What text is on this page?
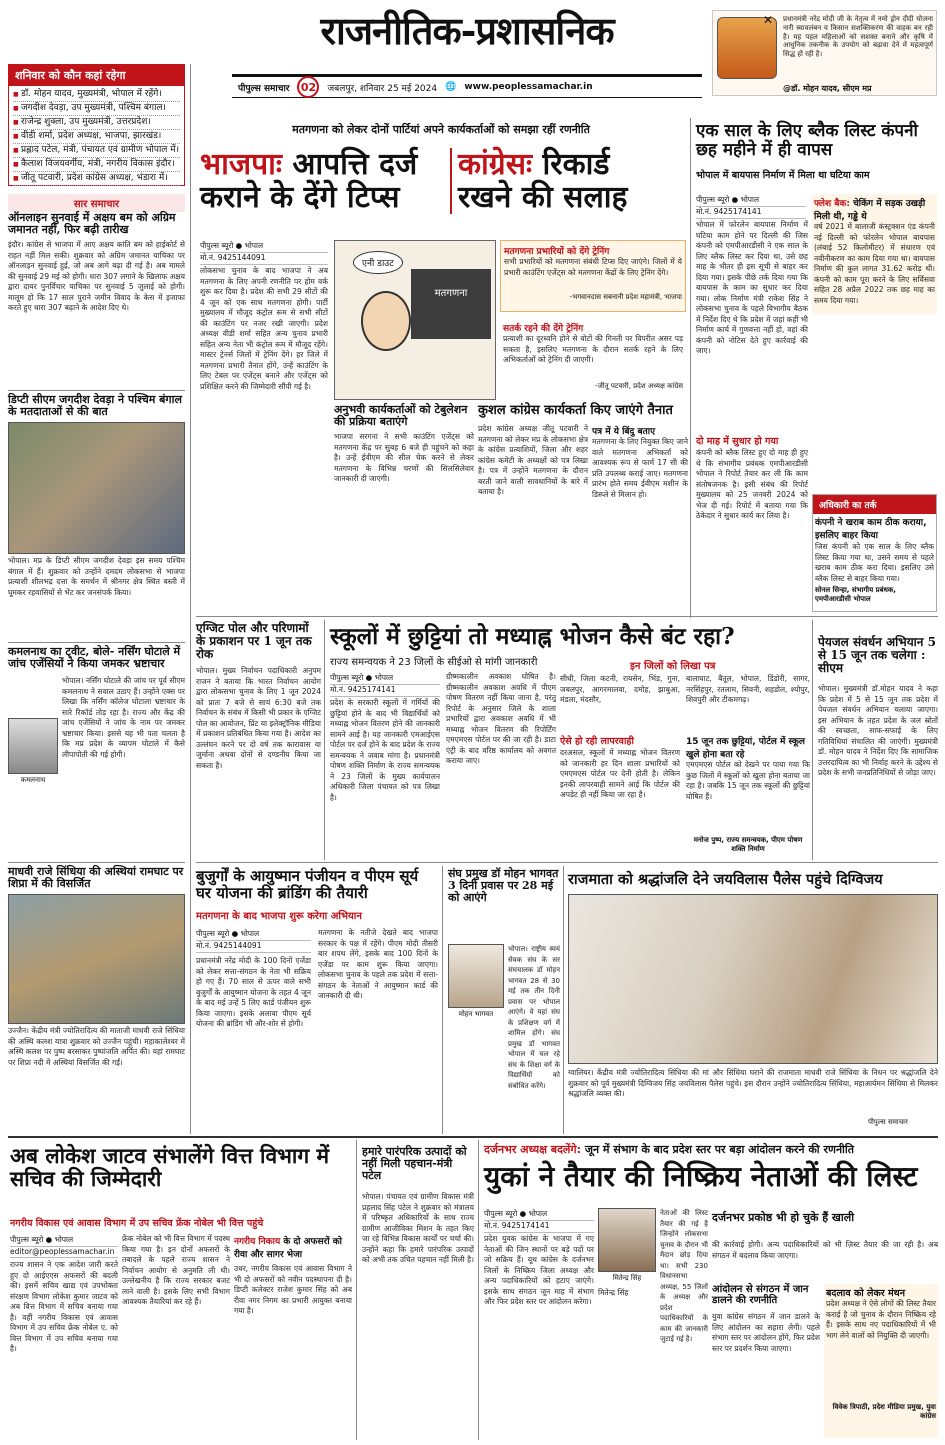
राजनीतिक-प्रशासनिक
पीपुल्स समाचार	02	जबलपुर, शनिवार 25 मई 2024 🌐 www.peoplessamachar.in
✕ प्रधानमंत्री नरेंद्र मोदी जी के नेतृत्व में नमो ड्रोन दीदी योजना नारी स्वावलंबन व किसान सशक्तिकरण की वाहक बन रही है। यह पहल महिलाओं को सशक्त बनाने और कृषि में आधुनिक तकनीक के उपयोग को बढ़ावा देने में महत्वपूर्ण सिद्ध हो रही है।
@डॉ. मोहन यादव, सीएम मप्र
शनिवार को कौन कहां रहेगा
■ डॉ. मोहन यादव, मुख्यमंत्री, भोपाल में रहेंगे।
■ जगदीश देवड़ा, उप मुख्यमंत्री, पश्चिम बंगाल।
■ राजेन्द्र शुक्ला, उप मुख्यमंत्री, उत्तरप्रदेश।
■ वीडी शर्मा, प्रदेश अध्यक्ष, भाजपा, झारखंड।
■ प्रह्लाद पटेल, मंत्री, पंचायत एवं ग्रामीण भोपाल में।
■ कैलाश विजयवर्गीय, मंत्री, नगरीय विकास इंदौर।
■ जीतू पटवारी, प्रदेश कांग्रेस अध्यक्ष, भंडारा में।
सार समाचार
ऑनलाइन सुनवाई में अक्षय बम को अग्रिम जमानत नहीं, फिर बढ़ी तारीख
इंदौर। कांग्रेस से भाजपा में आए अक्षय कांति बम को हाईकोर्ट से राहत नहीं मिल सकी। शुक्रवार को अग्रिम जमानत याचिका पर ऑनलाइन सुनवाई हुई, जो अब आगे बढ़ा दी गई है। अब मामले की सुनवाई 29 मई को होगी। धारा 307 लगाने के खिलाफ अक्षय द्वारा दायर पुनर्विचार याचिका पर सुनवाई 5 जुलाई को होगी। मालूम हो कि 17 साल पुराने जमीन विवाद के केस में इजाफा करते हुए धारा 307 बढ़ाने के आदेश दिए थे।
डिप्टी सीएम जगदीश देवड़ा ने पश्चिम बंगाल के मतदाताओं से की बात
भोपाल। मप्र के डिप्टी सीएम जगदीश देवड़ा इस समय पश्चिम बंगाल में हैं। शुक्रवार को उन्होंने दमदम लोकसभा से भाजपा प्रत्याशी शीलभद्र दत्ता के समर्थन में श्रीनगर क्षेत्र स्थित बस्ती में घूमकर रहवासियों से भेंट कर जनसंपर्क किया।
कमलनाथ का ट्वीट, बोले- नर्सिंग घोटाले में जांच एजेंसियों ने किया जमकर भ्रष्टाचार
कमलनाथ
भोपाल। नर्सिंग घोटाले की जांच पर पूर्व सीएम कमलनाथ ने सवाल उठाए हैं। उन्होंने एक्स पर लिखा कि नर्सिंग कॉलेज घोटाला भ्रष्टाचार के सारे रिकॉर्ड तोड़ रहा है। राज्य और केंद्र की जांच एजेंसियों ने जांच के नाम पर जमकर भ्रष्टाचार किया। इससे यह भी पता चलता है कि मप्र प्रदेश के व्यापम घोटाले में कैसे लीपापोती की गई होगी।
माधवी राजे सिंधिया की अस्थियां रामघाट पर शिप्रा में की विसर्जित
उज्जैन। केंद्रीय मंत्री ज्योतिरादित्य की माताजी माधवी राजे सिंधिया की अस्थि कलश यात्रा शुक्रवार को उज्जैन पहुंची। महाकालेश्वर में अस्थि कलश पर पुष्प बरसाकर पुष्पांजलि अर्पित की। यहां रामघाट पर शिप्रा नदी में अस्थियां विसर्जित की गईं।
मतगणना को लेकर दोनों पार्टियां अपने कार्यकर्ताओं को समझा रहीं रणनीति
भाजपाः आपत्ति दर्ज
कराने के देंगे टिप्स
कांग्रेसः रिकार्ड
रखने की सलाह
पीपुल्स ब्यूरो ● भोपाल
मो.नं. 9425144091
लोकसभा चुनाव के बाद भाजपा ने अब मतगणना के लिए अपनी रणनीति पर होम वर्क शुरू कर दिया है। प्रदेश की सभी 29 सीटों की 4 जून को एक साथ मतगणना होगी। पार्टी मुख्यालय में मौजूद कंट्रोल रूम से सभी सीटों की काउंटिंग पर नजर रखी जाएगी। प्रदेश अध्यक्ष वीडी शर्मा सहित अन्य चुनाव प्रभारी सहित अन्य नेता भी कंट्रोल रूम में मौजूद रहेंगे। मास्टर ट्रेनर्स जिलों में ट्रेनिंग देंगे। हर जिले में मतगणना प्रभारी तैनात होंगे, उन्हें काउंटिंग के लिए टेबल पर एजेंट्स बनाने और एजेंट्स को प्रशिक्षित करने की जिम्मेदारी सौंपी गई है।
एनी डाउट
मतगणना
मतगणना प्रभारियों को देंगे ट्रेनिंग
सभी प्रभारियों को मतगणना संबंधी टिप्स दिए जाएंगे। जिलों में ये प्रभारी काउंटिंग एजेंट्स को मतगणना केंद्रों के लिए ट्रेनिंग देंगे।
-भगवानदास सबनानी प्रदेश महामंत्री, भाजपा
सतर्क रहने की देंगे ट्रेनिंग
प्रत्याशी का दूरध्वनि होने से वोटों की गिनती पर विपरीत असर पड़ सकता है, इसलिए मतगणना के दौरान सतर्क रहने के लिए अभिकर्ताओं को ट्रेनिंग दी जाएगी।
-जीतू पटवारी, प्रदेश अध्यक्ष कांग्रेस
अनुभवी कार्यकर्ताओं को टेबुलेशन की प्रक्रिया बताएंगे
भाजपा सरगना ने सभी काउंटिंग एजेंट्स को मतगणना केंद्र पर सुबह 6 बजे ही पहुंचने को कहा है। उन्हें ईवीएम की सील चेक करने से लेकर मतगणना के विभिन्न चरणों की सिलसिलेवार जानकारी दी जाएगी।
कुशल कांग्रेस कार्यकर्ता किए जाएंगे तैनात
प्रदेश कांग्रेस अध्यक्ष जीतू पटवारी ने मतगणना को लेकर मप्र के लोकसभा क्षेत्र के कांग्रेस प्रत्याशियों, जिला और शहर कांग्रेस कमेटी के अध्यक्षों को पत्र लिखा है। पत्र में उन्होंने मतगणना के दौरान बरती जाने वाली सावधानियों के बारे में बताया है।
पत्र में ये बिंदु बताए
मतगणना के लिए नियुक्त किए जाने वाले मतगणना अभिकर्ता को आवश्यक रूप से फार्म 17 सी की प्रति उपलब्ध कराई जाए। मतगणना प्रारंभ होते समय ईवीएम मशीन के डिस्प्ले से मिलान हो।
एक साल के लिए ब्लैक लिस्ट कंपनी छह महीने में ही वापस
भोपाल में बायपास निर्माण में मिला था घटिया काम
पीपुल्स ब्यूरो ● भोपाल
मो.नं. 9425174141
भोपाल में फोरलेन बायपास निर्माण में घटिया काम होने पर दिल्ली की जिस कंपनी को एमपीआरडीसी ने एक साल के लिए ब्लैक लिस्ट कर दिया था, उसे छह माह के भीतर ही इस सूची से बाहर कर दिया गया। इसके पीछे तर्क दिया गया कि बायपास के काम का सुधार कर दिया गया। लोक निर्माण मंत्री राकेश सिंह ने लोकसभा चुनाव के पहले विभागीय बैठक में निर्देश दिए थे कि प्रदेश में जहां कहीं भी निर्माण कार्य में गुणवत्ता नहीं हो, वहां की कंपनी को नोटिस देते हुए कार्रवाई की जाए।
फ्लेश बैक: चेकिंग में सड़क उखड़ी मिली थी, गड्ढे थे
वर्ष 2021 में बालाजी कंस्ट्रक्शन एंड कंपनी नई दिल्ली को फोरलेन भोपाल बायपास (लंबाई 52 किलोमीटर) में संधारण एवं नवीनीकरण का काम दिया गया था। बायपास निर्माण की कुल लागत 31.62 करोड़ थी। कंपनी को काम पूरा करने के लिए सर्विसवा सहित 28 अप्रैल 2022 तक छह माह का समय दिया गया।
दो माह में सुधार हो गया
कंपनी को ब्लैक लिस्ट हुए दो माह ही हुए थे कि संभागीय प्रबंधक एमपीआरडीसी भोपाल ने रिपोर्ट तैयार कर ली कि काम संतोषजनक है। इसी संबंध की रिपोर्ट मुख्यालय को 25 जनवरी 2024 को भेज दी गई। रिपोर्ट में बताया गया कि ठेकेदार ने सुधार कार्य कर लिया है।
अधिकारी का तर्क
कंपनी ने खराब काम ठीक कराया, इसलिए बाहर किया
जिस कंपनी को एक साल के लिए ब्लैक लिस्ट किया गया था, उसने समय से पहले खराब काम ठीक करा दिया। इसलिए उसे ब्लैक लिस्ट से बाहर किया गया।
सोनल सिन्हा, संभागीय प्रबंधक, एमपीआरडीसी भोपाल
एग्जिट पोल और परिणामों के प्रकाशन पर 1 जून तक रोक
भोपाल। मुख्य निर्वाचन पदाधिकारी अनुपम राजन ने बताया कि भारत निर्वाचन आयोग द्वारा लोकसभा चुनाव के लिए 1 जून 2024 को प्रातः 7 बजे से सायं 6:30 बजे तक निर्वाचन के संबंध में किसी भी प्रकार के एग्जिट पोल का आयोजन, प्रिंट या इलेक्ट्रॉनिक मीडिया में प्रकाशन प्रतिबंधित किया गया है। आदेश का उल्लंघन करने पर दो वर्ष तक कारावास या जुर्माना अथवा दोनों से दण्डनीय किया जा सकता है।
स्कूलों में छुट्टियां तो मध्याह्न भोजन कैसे बंट रहा?
राज्य समन्वयक ने 23 जिलों के सीईओ से मांगी जानकारी
पीपुल्स ब्यूरो ● भोपाल
मो.नं. 9425174141
प्रदेश के सरकारी स्कूलों में गर्मियों की छुट्टियां होने के बाद भी विद्यार्थियों को मध्याह्न भोजन वितरण होने की जानकारी सामने आई है। यह जानकारी एमआईएस पोर्टल पर दर्ज होने के बाद प्रदेश के राज्य समन्वयक ने जवाब मांगा है। प्रधानमंत्री पोषण शक्ति निर्माण के राज्य समन्वयक ने 23 जिलों के मुख्य कार्यपालन अधिकारी जिला पंचायत को पत्र लिखा है।
ग्रीष्मकालीन अवकाश घोषित है। ग्रीष्मकालीन अवकाश अवधि में पीएम पोषण वितरण नहीं किया जाना है, परंतु रिपोर्ट के अनुसार जिले के शाला प्रभारियों द्वारा अवकाश अवधि में भी मध्याह्न भोजन वितरण की रिपोर्टिंग एमएमएस पोर्टल पर की जा रही है। डाटा एंट्री के बाद वरिष्ठ कार्यालय को अवगत कराया जाए।
इन जिलों को लिखा पत्र
सीधी, जिला कटनी, रायसेन, भिंड, गुना, जबलपुर, आगरमालवा, दमोह, झाबुआ, मंडला, मंदसौर,
बालाघाट, बैतूल, भोपाल, डिंडोरी, सागर, नरसिंहपुर, रतलाम, सिवनी, शहडोल, श्योपुर, शिवपुरी और टीकमगढ़।
ऐसे हो रही लापरवाही
दरअसल, स्कूलों में मध्याह्न भोजन वितरण को जानकारी हर दिन शाला प्रभारियों को एमएमएस पोर्टल पर देनी होती है। लेकिन इनकी लापरवाही सामने आई कि पोर्टल की अपडेट ही नहीं किया जा रहा है।
15 जून तक छुट्टियां, पोर्टल में स्कूल खुले होना बता रहे
एमएमएस पोर्टल को देखने पर पाया गया कि कुछ जिलों में स्कूलों को खुला होना बताया जा रहा है। जबकि 15 जून तक स्कूलों की छुट्टियां घोषित हैं।
मनोज पुष्प, राज्य समन्वयक, पीएम पोषण शक्ति निर्माण
पेयजल संवर्धन अभियान 5 से 15 जून तक चलेगा : सीएम
भोपाल। मुख्यमंत्री डॉ.मोहन यादव ने कहा कि प्रदेश में 5 से 15 जून तक प्रदेश में पेयजल संवर्धन अभियान चलाया जाएगा। इस अभियान के तहत प्रदेश के जल स्रोतों की स्वच्छता, साफ-सफाई के लिए गतिविधियां संचालित की जाएंगी। मुख्यमंत्री डॉ. मोहन यादव ने निर्देश दिए कि सामाजिक उत्तरदायित्व का भी निर्वाह करने के उद्देश्य से प्रदेश के सभी जनप्रतिनिधियों से जोड़ा जाए।
बुजुर्गों के आयुष्मान पंजीयन व पीएम सूर्य घर योजना की ब्रांडिंग की तैयारी
मतगणना के बाद भाजपा शुरू करेगा अभियान
पीपुल्स ब्यूरो ● भोपाल
मो.नं. 9425144091
प्रधानमंत्री नरेंद्र मोदी के 100 दिनों एजेंडा को लेकर सत्ता-संगठन के नेता भी सक्रिय हो गए हैं। 70 साल से ऊपर वाले सभी बुजुर्गों के आयुष्मान योजना के तहत 4 जून के बाद मई उन्हें 5 लिए कार्ड पंजीयन शुरू किया जाएगा। इसके अलावा पीएम सूर्य योजना की ब्रांडिंग भी और-शोर से होगी।
मतगणना के नतीजे देखते बाद भाजपा सरकार के पक्ष में रहेंगे। पीएम मोदी तीसरी बार शपथ लेंगे, इसके बाद 100 दिनों के एजेंडा पर काम शुरू किया जाएगा। लोकसभा चुनाव के पहले तक प्रदेश में सत्ता-संगठन के नेताओं ने आयुष्मान कार्ड की जानकारी दी थी।
संघ प्रमुख डॉ मोहन भागवत 3 दिनी प्रवास पर 28 मई को आएंगे
मोहन भागवत
भोपाल। राष्ट्रीय स्वयं सेवक संघ के सर संघचालक डॉ मोहन भागवत 28 से 30 मई तक तीन दिनी प्रवास पर भोपाल आएंगे। वे यहां संघ के प्रशिक्षण वर्ग में शामिल होंगे। संघ प्रमुख डॉ भागवत भोपाल में चल रहे संघ के शिक्षा वर्ग के विद्यार्थियों को संबोधित करेंगे।
राजमाता को श्रद्धांजलि देने जयविलास पैलेस पहुंचे दिग्विजय
ग्वालियर। केंद्रीय मंत्री ज्योतिरादित्य सिंधिया की मां और सिंधिया घराने की राजमाता माधवी राजे सिंधिया के निधन पर श्रद्धांजलि देने शुक्रवार को पूर्व मुख्यमंत्री दिग्विजय सिंह जयविलास पैलेस पहुंचे। इस दौरान उन्होंने ज्योतिरादित्य सिंधिया, महाआर्यमन सिंधिया से मिलकर श्रद्धांजलि व्यक्त की।
पीपुल्स समाचार
अब लोकेश जाटव संभालेंगे वित्त विभाग में सचिव की जिम्मेदारी
नगरीय विकास एवं आवास विभाग में उप सचिव फ्रेंक नोबेल भी वित्त पहुंचे
पीपुल्स ब्यूरो ● भोपाल
editor@peoplessamachar.in
राज्य शासन ने एक आदेश जारी करते हुए दो आईएएस अफसरों की बदली की। इसमें सचिव खाद्य एवं उपभोक्ता संरक्षण विभाग लोकेश कुमार जाटव को अब वित्त विभाग में सचिव बनाया गया है। वहीं नगरीय विकास एवं आवास विभाग में उप सचिव फ्रेंक नोबेल ए. को वित्त विभाग में उप सचिव बनाया गया है।
फ्रेंक नोबेल को भी वित्त विभाग में पदस्थ किया गया है। इन दोनों अफसरों के तबादले के पहले राज्य शासन ने निर्वाचन आयोग से अनुमति ली थी। उल्लेखनीय है कि राज्य सरकार बजट लाने वाली है। इसके लिए सभी विभाग आवश्यक तैयारियां कर रहे हैं।
नगरीय निकाय के दो अफसरों को रीवा और सागर भेजा
उधर, नगरीय विकास एवं आवास विभाग ने भी दो अफसरों को नवीन पदस्थापना दी है। डिप्टी कलेक्टर राजेश कुमार सिंह को अब रीवा नगर निगम का प्रभारी आयुक्त बनाया गया है।
हमारे पारंपरिक उत्पादों को नहीं मिली पहचान-मंत्री पटेल
भोपाल। पंचायत एवं ग्रामीण विकास मंत्री प्रहलाद सिंह पटेल ने शुक्रवार को मंत्रालय में परिष्कृत अधिकारियों के साथ राज्य ग्रामीण आजीविका मिशन के तहत किए जा रहे विभिन्न विकास कार्यों पर चर्चा की। उन्होंने कहा कि हमारे पारंपरिक उत्पादों को अभी तक उचित पहचान नहीं मिली है।
दर्जनभर अध्यक्ष बदलेंगे: जून में संभाग के बाद प्रदेश स्तर पर बड़ा आंदोलन करने की रणनीति
युकां ने तैयार की निष्क्रिय नेताओं की लिस्ट
पीपुल्स ब्यूरो ● भोपाल
मो.नं. 9425174141
प्रदेश युवक कांग्रेस के भाजपा में गए नेताओं की जिन स्थानों पर बड़े पदों पर जो सक्रिय हैं। यूथ कांग्रेस के दर्जनभर जिलों के निष्क्रिय जिला अध्यक्ष और अन्य पदाधिकारियों को हटाए जाएंगे। इसके साथ संगठन जून माह में संभाग और फिर प्रदेश स्तर पर आंदोलन करेगा।
मितेन्द्र सिंह
मितेन्द्र सिंह
नेताओं की लिस्ट तैयार की गई है जिन्होंने लोकसभा चुनाव के दौरान भी मैदान छोड़ दिया था। सभी 230 विधानसभा अध्यक्ष, 55 जिलों के अध्यक्ष और प्रदेश पदाधिकारियों के काम की जानकारी जुटाई गई है।
दर्जनभर प्रकोष्ठ भी हो चुके हैं खाली
की कार्रवाई होगी। अन्य पदाधिकारियों को भी ज़िस्ट तैयार की जा रही है। अब संगठन में बदलाव किया जाएगा।
आंदोलन से संगठन में जान डालने की रणनीति
युवा कांग्रेस संगठन में जान डालने के लिए आंदोलन का सहारा लेगी। पहले संभाग स्तर पर आंदोलन होंगे, फिर प्रदेश स्तर पर प्रदर्शन किया जाएगा।
बदलाव को लेकर मंथन
प्रदेश अध्यक्ष ने ऐसे लोगों की लिस्ट तैयार कराई है जो चुनाव के दौरान निष्क्रिय रहे हैं। इसके साथ नए पदाधिकारियों में भी भाग लेने वालों को नियुक्ति दी जाएगी।
विवेक त्रिपाठी, प्रदेश मीडिया प्रमुख, युवा कांग्रेस
